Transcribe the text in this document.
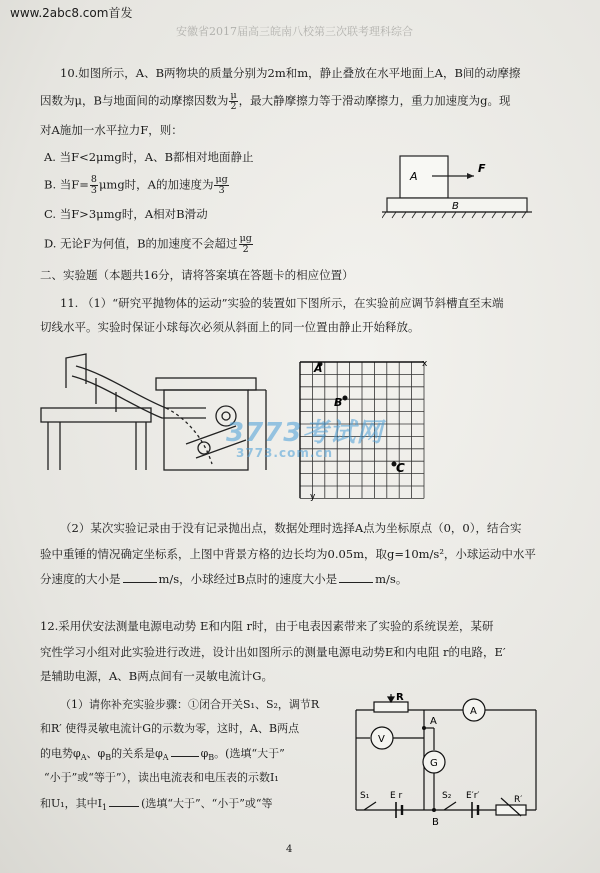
www.2abc8.com首发
安徽省2017届高三皖南八校第三次联考理科综合
10.如图所示，A、B两物块的质量分别为2m和m，静止叠放在水平地面上A，B间的动摩擦
因数为μ，B与地面间的动摩擦因数为 $\frac{\mu}{2}$ ，最大静摩擦力等于滑动摩擦力，重力加速度为g。现
对A施加一水平拉力F，则：
A. 当F<2μmg时，A、B都相对地面静止
B. 当$F= \frac{8}{3}$ μmg时，A的加速度为 $\frac{\mu g}{3}$
C. 当F>3μmg时，A相对B滑动
D. 无论F为何值，B的加速度不会超过 $\frac{\mu g}{2}$
A
F
B
二、实验题（本题共16分，请将答案填在答题卡的相应位置）
11. （1）“研究平抛物体的运动”实验的装置如下图所示，在实验前应调节斜槽直至末端
切线水平。实验时保证小球每次必须从斜面上的同一位置由静止开始释放。
A
B
C
x
y
3773考试网
3773.com.cn
（2）某次实验记录由于没有记录抛出点，数据处理时选择A点为坐标原点（0，0），结合实
验中重锤的情况确定坐标系，上图中背景方格的边长均为0.05m，取g=10m/s²，小球运动中水平
分速度的大小是	m/s，小球经过B点时的速度大小是	m/s。
12.采用伏安法测量电源电动势 E和内阻 r时，由于电表因素带来了实验的系统误差，某研
究性学习小组对此实验进行改进，设计出如图所示的测量电源电动势E和内电阻 r的电路，E′
是辅助电源，A、B两点间有一灵敏电流计G。
（1）请你补充实验步骤：①闭合开关S₁、S₂，调节R
和R′ 使得灵敏电流计G的示数为零，这时，A、B两点
的电势$\varphi_A$、$\varphi_B$的关系是$\varphi_A$	$\varphi_B$。(选填“大于”
“小于”或“等于”），读出电流表和电压表的示数I₁
和U₁，其中$I_1$	(选填“大于”、“小于”或“等
R
V
A
G
A
B
S₁ E r	S₂ E′r′	R′
4
